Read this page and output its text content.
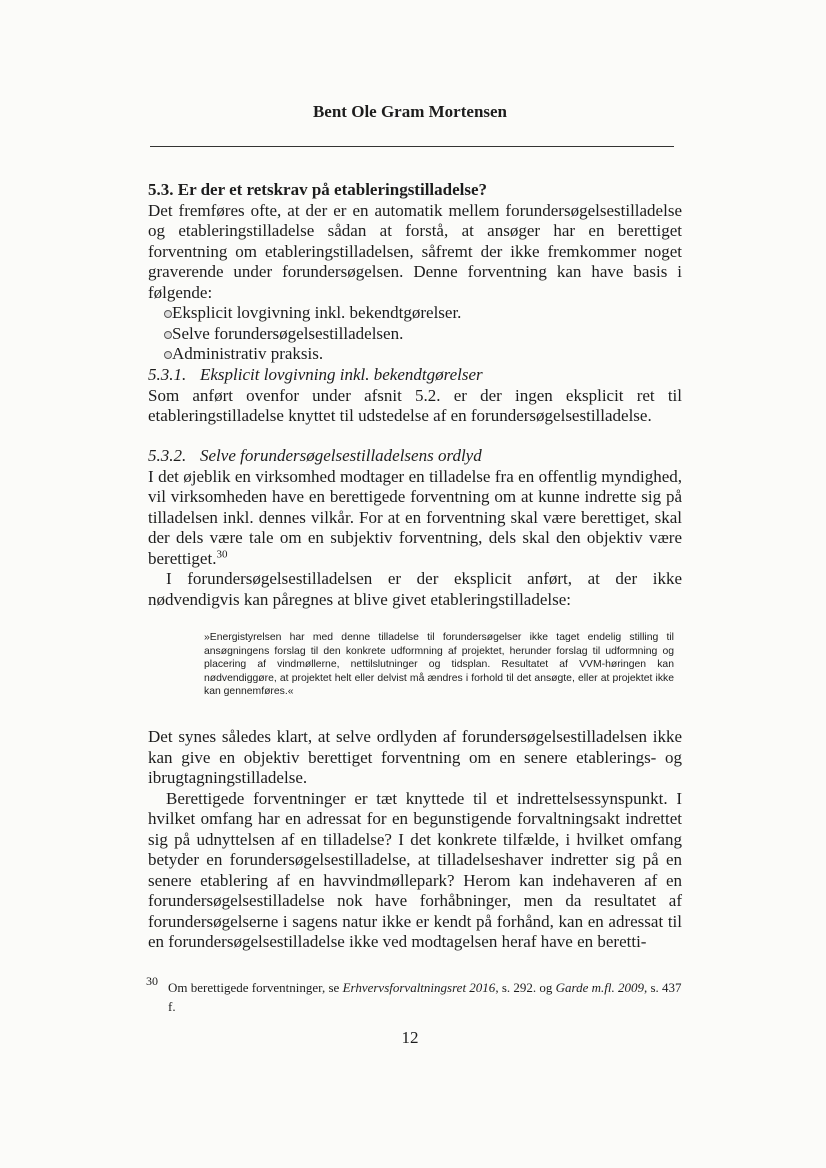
Bent Ole Gram Mortensen

5.3. Er der et retskrav på etableringstilladelse?

Det fremføres ofte, at der er en automatik mellem forundersøgelsestilladelse og etableringstilladelse sådan at forstå, at ansøger har en berettiget forventning om etableringstilladelsen, såfremt der ikke fremkommer noget graverende under forundersøgelsen. Denne forventning kan have basis i følgende:

Eksplicit lovgivning inkl. bekendtgørelser.
Selve forundersøgelsestilladelsen.
Administrativ praksis.

5.3.1. Eksplicit lovgivning inkl. bekendtgørelser

Som anført ovenfor under afsnit 5.2. er der ingen eksplicit ret til etableringstilladelse knyttet til udstedelse af en forundersøgelsestilladelse.

5.3.2. Selve forundersøgelsestilladelsens ordlyd

I det øjeblik en virksomhed modtager en tilladelse fra en offentlig myndighed, vil virksomheden have en berettigede forventning om at kunne indrette sig på tilladelsen inkl. dennes vilkår. For at en forventning skal være berettiget, skal der dels være tale om en subjektiv forventning, dels skal den objektiv være berettiget.$^{30}$

I forundersøgelsestilladelsen er der eksplicit anført, at der ikke nødvendigvis kan påregnes at blive givet etableringstilladelse:

»Energistyrelsen har med denne tilladelse til forundersøgelser ikke taget endelig stilling til ansøgningens forslag til den konkrete udformning af projektet, herunder forslag til udformning og placering af vindmøllerne, nettilslutninger og tidsplan. Resultatet af VVM-høringen kan nødvendiggøre, at projektet helt eller delvist må ændres i forhold til det ansøgte, eller at projektet ikke kan gennemføres.«

Det synes således klart, at selve ordlyden af forundersøgelsestilladelsen ikke kan give en objektiv berettiget forventning om en senere etablerings- og ibrugtagningstilladelse.

Berettigede forventninger er tæt knyttede til et indrettelsessynspunkt. I hvilket omfang har en adressat for en begunstigende forvaltningsakt indrettet sig på udnyttelsen af en tilladelse? I det konkrete tilfælde, i hvilket omfang betyder en forundersøgelsestilladelse, at tilladelseshaver indretter sig på en senere etablering af en havvindmøllepark? Herom kan indehaveren af en forundersøgelsestilladelse nok have forhåbninger, men da resultatet af forundersøgelserne i sagens natur ikke er kendt på forhånd, kan en adressat til en forundersøgelsestilladelse ikke ved modtagelsen heraf have en beretti-

30 Om berettigede forventninger, se Erhvervsforvaltningsret 2016, s. 292. og Garde m.fl. 2009, s. 437 f.
12
